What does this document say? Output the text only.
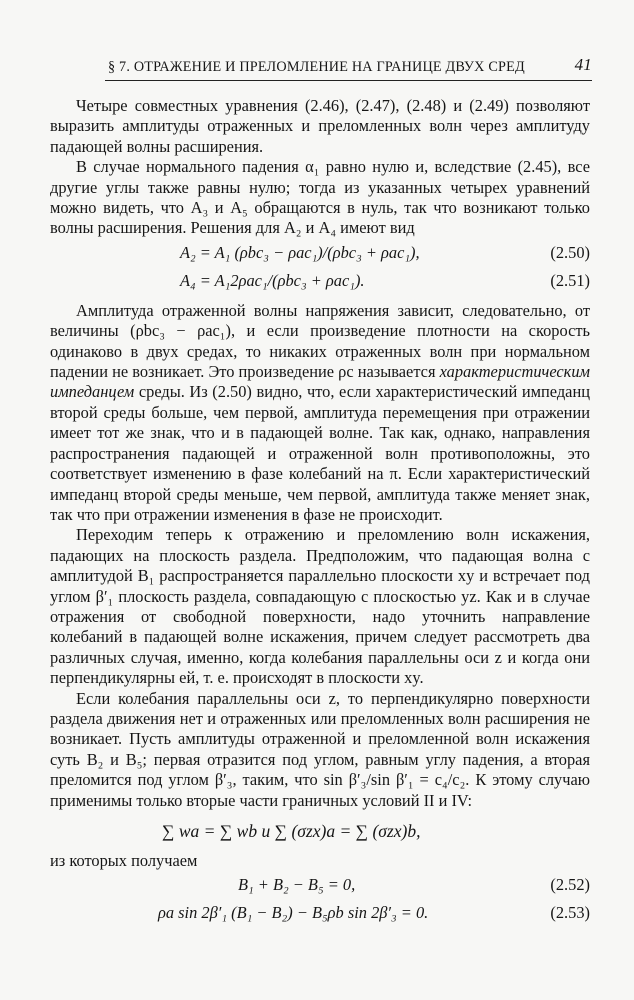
§ 7. ОТРАЖЕНИЕ И ПРЕЛОМЛЕНИЕ НА ГРАНИЦЕ ДВУХ СРЕД	41

Четыре совместных уравнения (2.46), (2.47), (2.48) и (2.49) позволяют выразить амплитуды отраженных и преломленных волн через амплитуду падающей волны расширения.

В случае нормального падения α₁ равно нулю и, вследствие (2.45), все другие углы также равны нулю; тогда из указанных четырех уравнений можно видеть, что A₃ и A₅ обращаются в нуль, так что возникают только волны расширения. Решения для A₂ и A₄ имеют вид

A₂ = A₁ (ρbc₃ − ρac₁)/(ρbc₃ + ρac₁),	(2.50)
A₄ = A₁2ρac₁/(ρbc₃ + ρac₁).	(2.51)

Амплитуда отраженной волны напряжения зависит, следовательно, от величины (ρbc₃ − ρac₁), и если произведение плотности на скорость одинаково в двух средах, то никаких отраженных волн при нормальном падении не возникает. Это произведение ρc называется характеристическим импеданцем среды. Из (2.50) видно, что, если характеристический импеданц второй среды больше, чем первой, амплитуда перемещения при отражении имеет тот же знак, что и в падающей волне. Так как, однако, направления распространения падающей и отраженной волн противоположны, это соответствует изменению в фазе колебаний на π. Если характеристический импеданц второй среды меньше, чем первой, амплитуда также меняет знак, так что при отражении изменения в фазе не происходит.

Переходим теперь к отражению и преломлению волн искажения, падающих на плоскость раздела. Предположим, что падающая волна с амплитудой B₁ распространяется параллельно плоскости xy и встречает под углом β′₁ плоскость раздела, совпадающую с плоскостью yz. Как и в случае отражения от свободной поверхности, надо уточнить направление колебаний в падающей волне искажения, причем следует рассмотреть два различных случая, именно, когда колебания параллельны оси z и когда они перпендикулярны ей, т. е. происходят в плоскости xy.

Если колебания параллельны оси z, то перпендикулярно поверхности раздела движения нет и отраженных или преломленных волн расширения не возникает. Пусть амплитуды отраженной и преломленной волн искажения суть B₂ и B₅; первая отразится под углом, равным углу падения, а вторая преломится под углом β′₃, таким, что sin β′₃/sin β′₁ = c₄/c₂. К этому случаю применимы только вторые части граничных условий II и IV:

∑ wa = ∑ wb и ∑ (σzx)a = ∑ (σzx)b,

из которых получаем

B₁ + B₂ − B₅ = 0,	(2.52)
ρa sin 2β′₁ (B₁ − B₂) − B₅ρb sin 2β′₃ = 0.	(2.53)
